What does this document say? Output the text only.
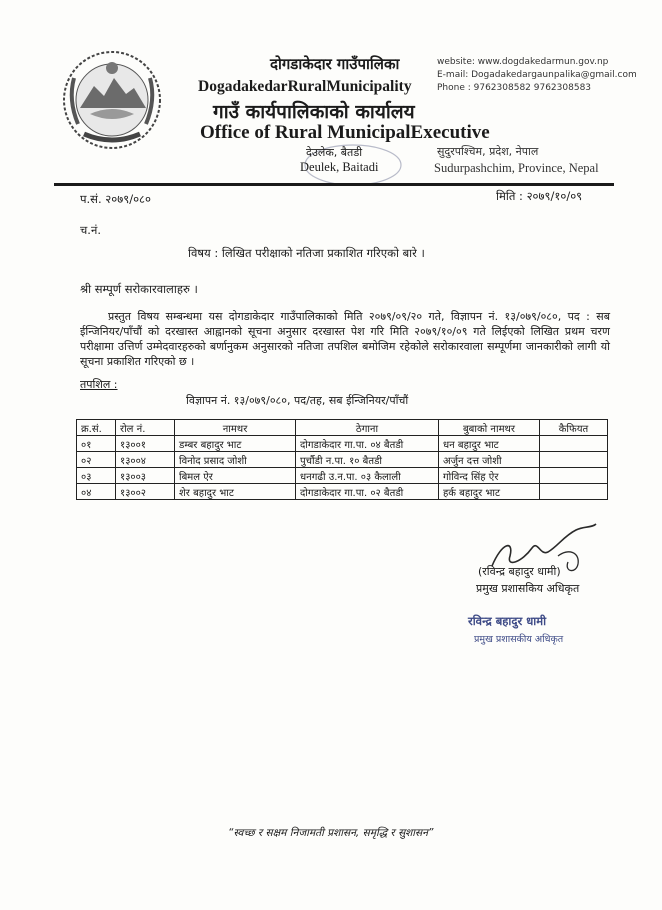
दोगडाकेदार गाउँपालिका
DogadakedarRuralMunicipality
गाउँ कार्यपालिकाको कार्यालय
Office of Rural MunicipalExecutive
देउलेक, बैतडी
Deulek, Baitadi
website: www.dogdakedarmun.gov.np
E-mail: Dogadakedargaunpalika@gmail.com
Phone : 9762308582 9762308583
सुदुरपश्चिम, प्रदेश, नेपाल
Sudurpashchim, Province, Nepal
प.सं. २०७९/०८०	मिति : २०७९/१०/०९
च.नं.
विषय : लिखित परीक्षाको नतिजा प्रकाशित गरिएको बारे ।
श्री सम्पूर्ण सरोकारवालाहरु ।

प्रस्तुत विषय सम्बन्धमा यस दोगडाकेदार गाउँपालिकाको मिति २०७९/०९/२० गते, विज्ञापन नं. १३/०७९/०८०, पद : सब ईन्जिनियर/पाँचौं को दरखास्त आह्वानको सूचना अनुसार दरखास्त पेश गरि मिति २०७९/१०/०९ गते लिईएको लिखित प्रथम चरण परीक्षामा उत्तिर्ण उम्मेदवारहरुको बर्णानुकम अनुसारको नतिजा तपशिल बमोजिम रहेकोले सरोकारवाला सम्पूर्णमा जानकारीको लागी यो सूचना प्रकाशित गरिएको छ ।

तपशिल :
विज्ञापन नं. १३/०७९/०८०, पद/तह, सब ईन्जिनियर/पाँचौं
क्र.सं.	रोल नं.	नामथर	ठेगाना	बुबाको नामथर	कैफियत
०१	१३००१	डम्बर बहादुर भाट	दोगडाकेदार गा.पा. ०४ बैतडी	धन बहादुर भाट	
०२	१३००४	विनोद प्रसाद जोशी	पुर्चौडी न.पा. १० बैतडी	अर्जुन दत्त जोशी	
०३	१३००३	बिमल ऐर	धनगढी उ.न.पा. ०३ कैलाली	गोविन्द सिंह ऐर	
०४	१३००२	शेर बहादुर भाट	दोगडाकेदार गा.पा. ०२ बैतडी	हर्क बहादुर भाट	
(रविन्द्र बहादुर धामी)
प्रमुख प्रशासकिय अधिकृत
रविन्द्र बहादुर धामी
प्रमुख प्रशासकीय अधिकृत
“स्वच्छ र सक्षम निजामती प्रशासन, समृद्धि र सुशासन”
